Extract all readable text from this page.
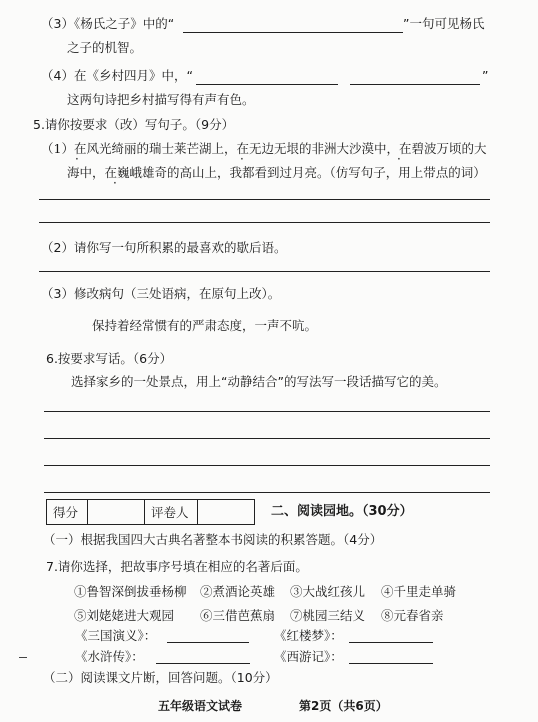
（3）《杨氏之子》中的“	”一句可见杨氏
之子的机智。
（4）在《乡村四月》中，“	”
这两句诗把乡村描写得有声有色。
5.请你按要求（改）写句子。（9分）
（1）在风光绮丽的瑞士莱芒湖上，在无边无垠的非洲大沙漠中，在碧波万顷的大
海中，在巍峨雄奇的高山上，我都看到过月亮。（仿写句子，用上带点的词）
·	·	·
·
（2）请你写一句所积累的最喜欢的歇后语。
（3）修改病句（三处语病，在原句上改）。
保持着经常惯有的严肃态度，一声不吭。
6.按要求写话。（6分）
选择家乡的一处景点，用上“动静结合”的写法写一段话描写它的美。
得分		评卷人		二、阅读园地。（30分）
（一）根据我国四大古典名著整本书阅读的积累答题。（4分）
7.请你选择，把故事序号填在相应的名著后面。
①鲁智深倒拔垂杨柳 ②煮酒论英雄 ③大战红孩儿 ④千里走单骑
⑤刘姥姥进大观园 ⑥三借芭蕉扇 ⑦桃园三结义 ⑧元春省亲
《三国演义》：	《红楼梦》：
《水浒传》：	《西游记》：
（二）阅读课文片断，回答问题。（10分）
五年级语文试卷	第2页（共6页）
